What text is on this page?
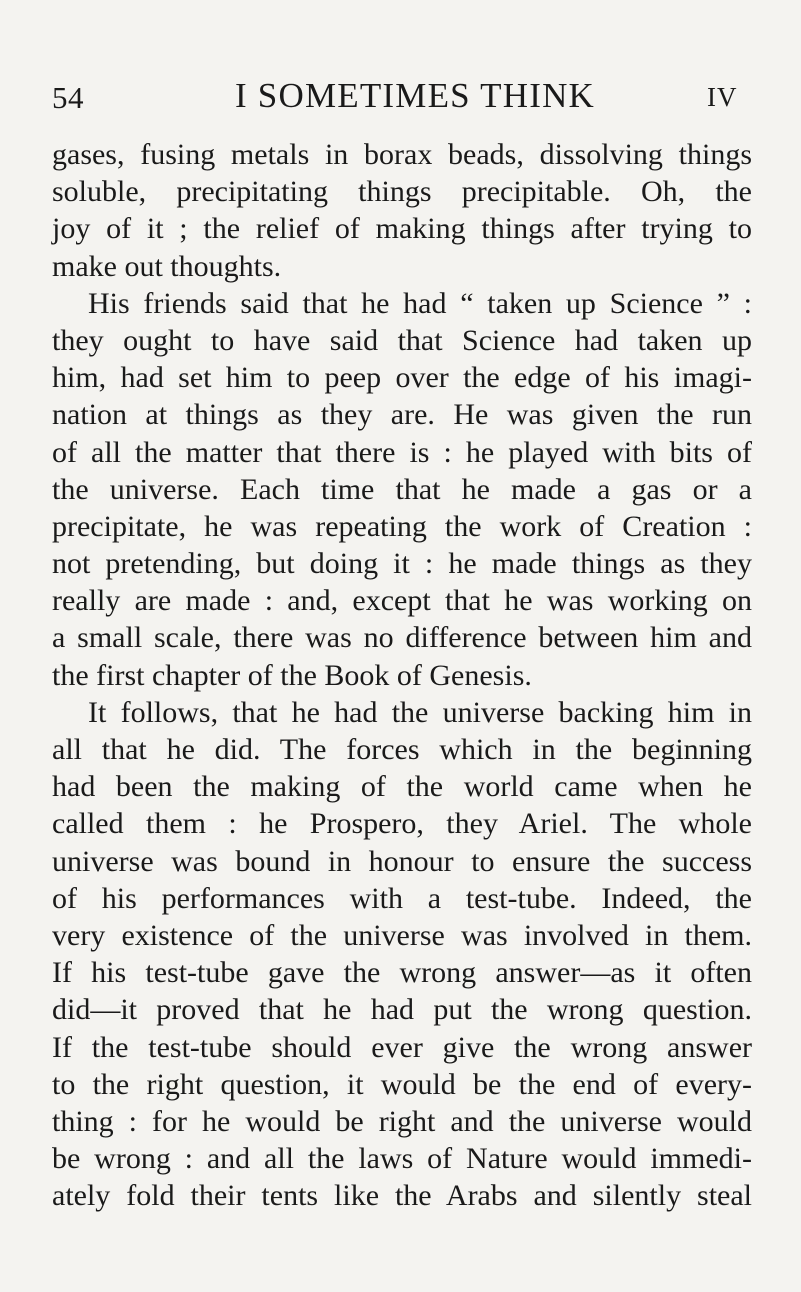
54	I SOMETIMES THINK	IV
gases, fusing metals in borax beads, dissolving things
soluble, precipitating things precipitable. Oh, the
joy of it ; the relief of making things after trying to
make out thoughts.
His friends said that he had “ taken up Science ” :
they ought to have said that Science had taken up
him, had set him to peep over the edge of his imagi-
nation at things as they are. He was given the run
of all the matter that there is : he played with bits of
the universe. Each time that he made a gas or a
precipitate, he was repeating the work of Creation :
not pretending, but doing it : he made things as they
really are made : and, except that he was working on
a small scale, there was no difference between him and
the first chapter of the Book of Genesis.
It follows, that he had the universe backing him in
all that he did. The forces which in the beginning
had been the making of the world came when he
called them : he Prospero, they Ariel. The whole
universe was bound in honour to ensure the success
of his performances with a test-tube. Indeed, the
very existence of the universe was involved in them.
If his test-tube gave the wrong answer—as it often
did—it proved that he had put the wrong question.
If the test-tube should ever give the wrong answer
to the right question, it would be the end of every-
thing : for he would be right and the universe would
be wrong : and all the laws of Nature would immedi-
ately fold their tents like the Arabs and silently steal
